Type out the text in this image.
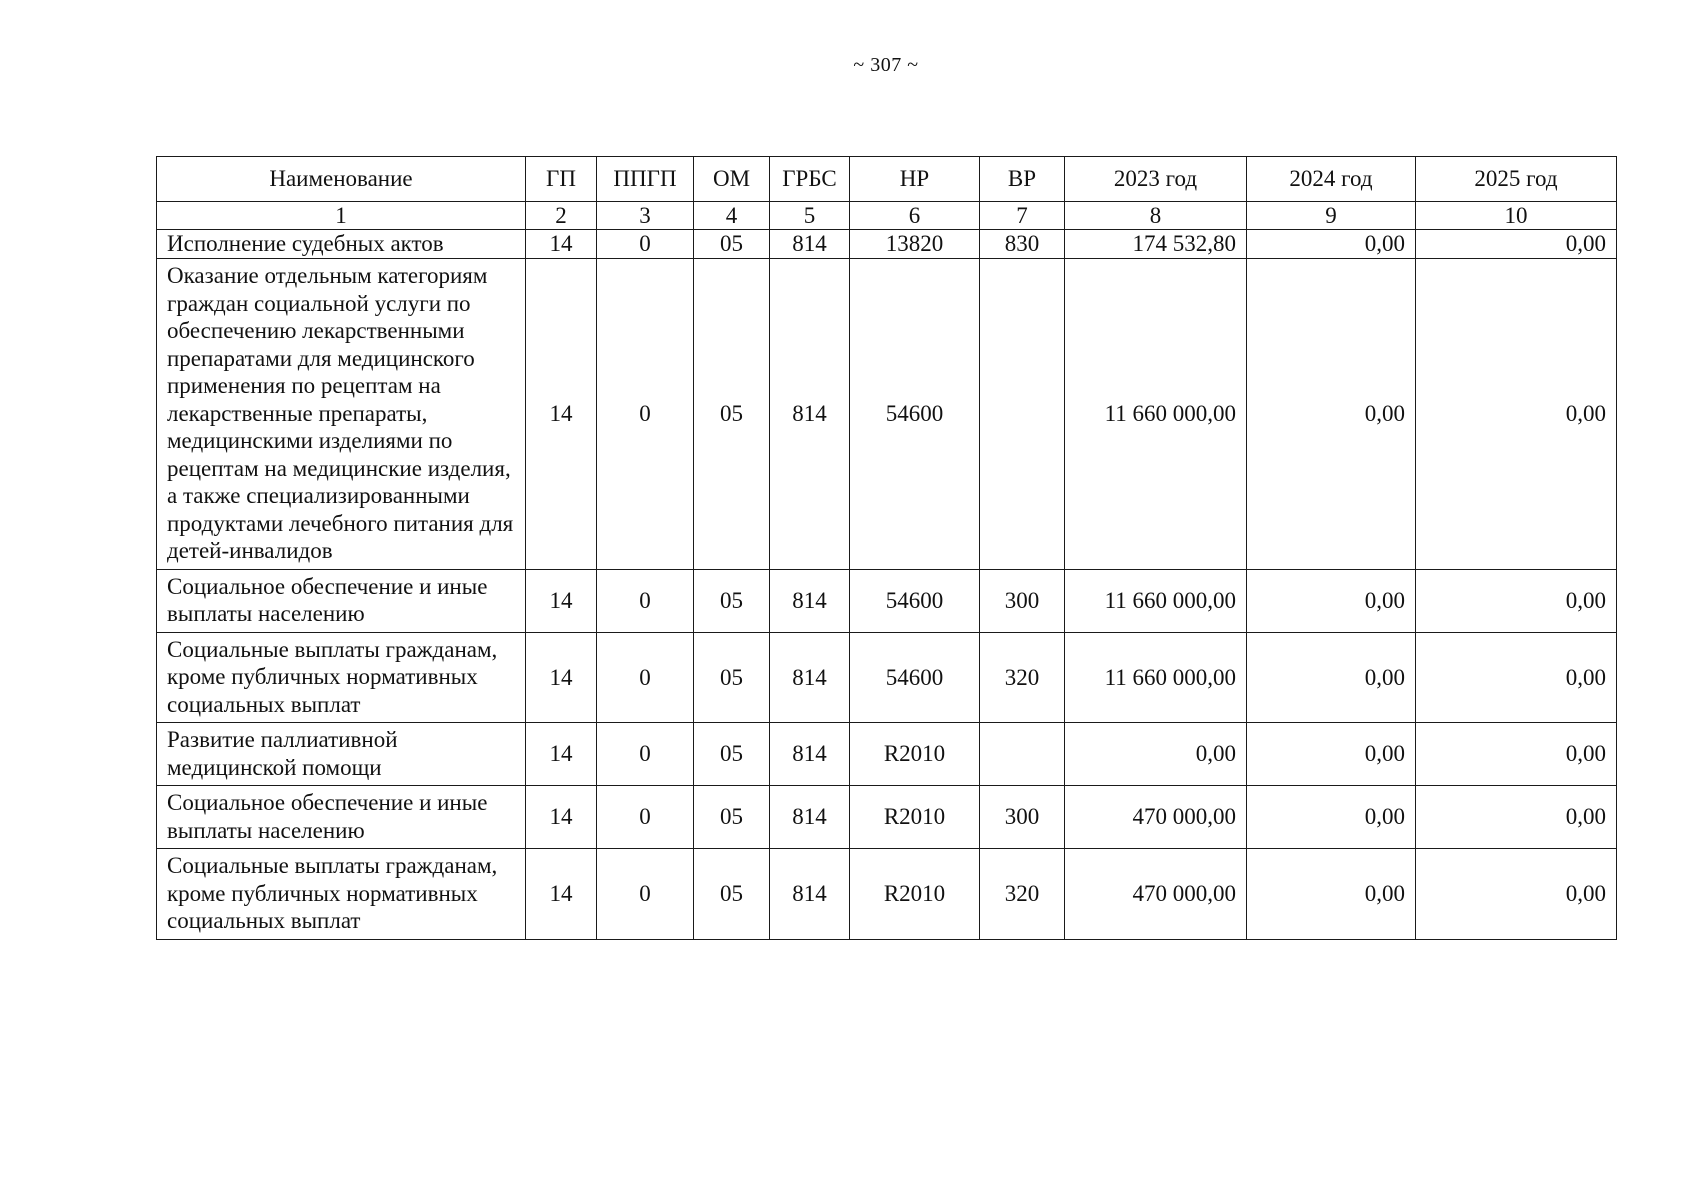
~ 307 ~
Наименование	ГП	ППГП	ОМ	ГРБС	НР	ВР	2023 год	2024 год	2025 год
1	2	3	4	5	6	7	8	9	10
Исполнение судебных актов	14	0	05	814	13820	830	174 532,80	0,00	0,00
Оказание отдельным категориям граждан социальной услуги по обеспечению лекарственными препаратами для медицинского применения по рецептам на лекарственные препараты, медицинскими изделиями по рецептам на медицинские изделия, а также специализированными продуктами лечебного питания для детей-инвалидов	14	0	05	814	54600		11 660 000,00	0,00	0,00
Социальное обеспечение и иные выплаты населению	14	0	05	814	54600	300	11 660 000,00	0,00	0,00
Социальные выплаты гражданам, кроме публичных нормативных социальных выплат	14	0	05	814	54600	320	11 660 000,00	0,00	0,00
Развитие паллиативной медицинской помощи	14	0	05	814	R2010		0,00	0,00	0,00
Социальное обеспечение и иные выплаты населению	14	0	05	814	R2010	300	470 000,00	0,00	0,00
Социальные выплаты гражданам, кроме публичных нормативных социальных выплат	14	0	05	814	R2010	320	470 000,00	0,00	0,00
